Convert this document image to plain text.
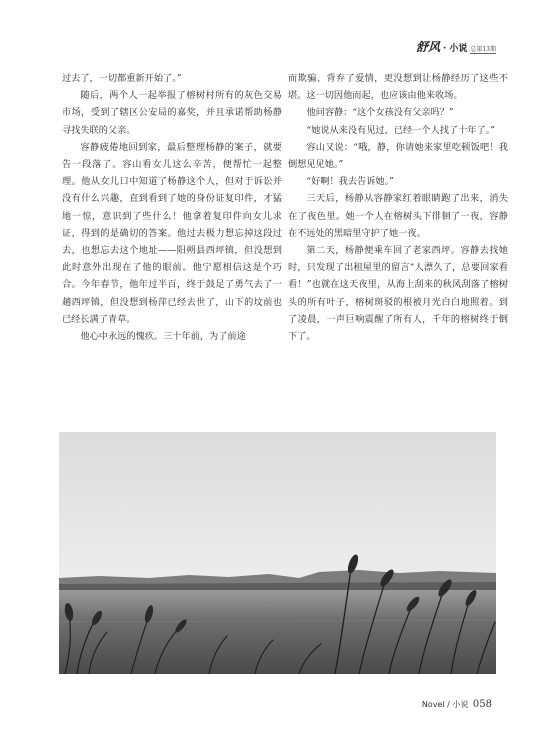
舒风 · 小说 总第13期

过去了，一切都重新开始了。”

随后，两个人一起举报了榕树村所有的灰色交易市场，受到了辖区公安局的嘉奖，并且承诺帮助杨静寻找失联的父亲。

容静疲倦地回到家，最后整理杨静的案子，就要告一段落了。容山看女儿这么辛苦，便帮忙一起整理。他从女儿口中知道了杨静这个人，但对于诉讼并没有什么兴趣，直到看到了她的身份证复印件，才猛地一惊，意识到了些什么！他拿着复印件向女儿求证，得到的是确切的答案。他过去极力想忘掉这段过去，也想忘去这个地址——阳朔县西坪镇，但没想到此时意外出现在了他的眼前。他宁愿相信这是个巧合。今年春节，他年过半百，终于鼓足了勇气去了一趟西坪镇，但没想到杨萍已经去世了，山下的坟前也已经长满了青草。

他心中永远的愧疚。三十年前，为了前途

而欺骗、背弃了爱情，更没想到让杨静经历了这些不堪。这一切因他而起，也应该由他来收场。

他问容静：“这个女孩没有父亲吗？”

“她说从来没有见过，已经一个人找了十年了。”

容山又说：“哦，静，你请她来家里吃顿饭吧！我倒想见见她。”

“好啊！我去告诉她。”

三天后，杨静从容静家红着眼睛跑了出来，消失在了夜色里。她一个人在榕树头下徘徊了一夜，容静在不远处的黑暗里守护了她一夜。

第二天，杨静便乘车回了老家西坪。容静去找她时，只发现了出租屋里的留言“人漂久了，总要回家看看！”也就在这天夜里，从海上刮来的秋风刮落了榕树头的所有叶子，榕树斑驳的根被月光白白地照着。到了凌晨，一声巨响震醒了所有人，千年的榕树终于倒下了。

Novel / 小说 058
